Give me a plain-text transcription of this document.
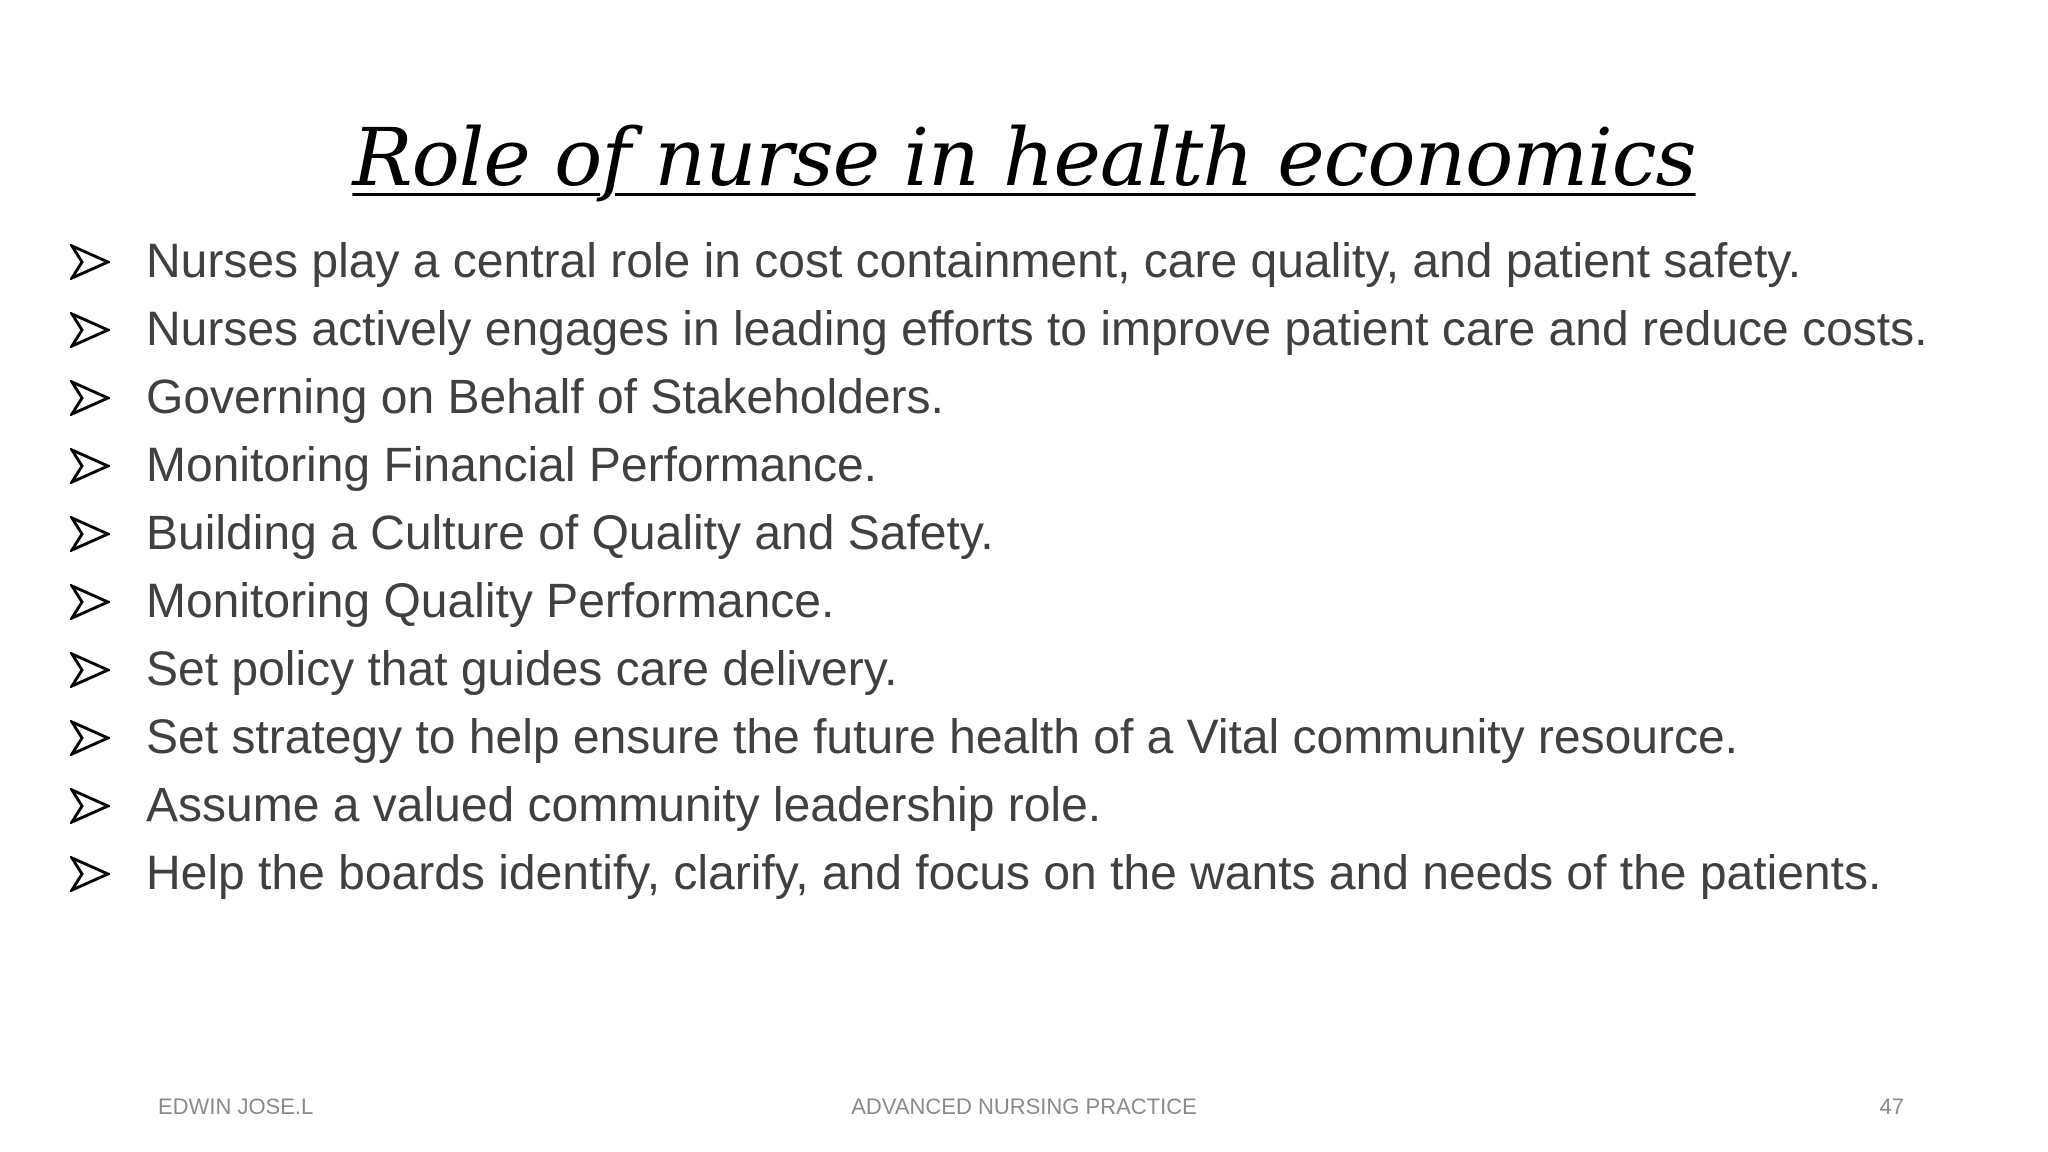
Role of nurse in health economics
Nurses play a central role in cost containment, care quality, and patient safety.
Nurses actively engages in leading efforts to improve patient care and reduce costs.
Governing on Behalf of Stakeholders.
Monitoring Financial Performance.
Building a Culture of Quality and Safety.
Monitoring Quality Performance.
Set policy that guides care delivery.
Set strategy to help ensure the future health of a Vital community resource.
Assume a valued community leadership role.
Help the boards identify, clarify, and focus on the wants and needs of the patients.
EDWIN JOSE.L	ADVANCED NURSING PRACTICE	47
